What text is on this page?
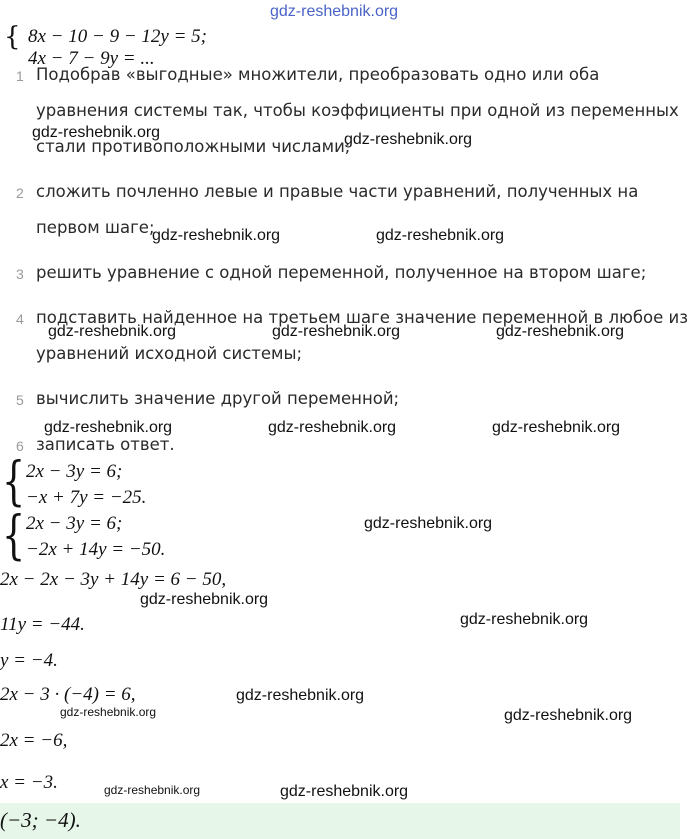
gdz-reshebnik.org
{ 8x − 10 − 9 − 12y = 5;
4x − 7 − 9y = ...
1 Подобрав «выгодные» множители, преобразовать одно или оба
уравнения системы так, чтобы коэффициенты при одной из переменных
стали противоположными числами;
2 сложить почленно левые и правые части уравнений, полученных на
первом шаге;
3 решить уравнение с одной переменной, полученное на втором шаге;
4 подставить найденное на третьем шаге значение переменной в любое из
уравнений исходной системы;
5 вычислить значение другой переменной;
6 записать ответ.
{ 2x − 3y = 6;
−x + 7y = −25.
{ 2x − 3y = 6;
−2x + 14y = −50.
2x − 2x − 3y + 14y = 6 − 50,
11y = −44.
y = −4.
2x − 3 · (−4) = 6,
2x = −6,
x = −3.
(−3; −4).
gdz-reshebnik.org	gdz-reshebnik.org
gdz-reshebnik.org	gdz-reshebnik.org
gdz-reshebnik.org	gdz-reshebnik.org	gdz-reshebnik.org
gdz-reshebnik.org	gdz-reshebnik.org	gdz-reshebnik.org
gdz-reshebnik.org
gdz-reshebnik.org
gdz-reshebnik.org
gdz-reshebnik.org
gdz-reshebnik.org	gdz-reshebnik.org
gdz-reshebnik.org	gdz-reshebnik.org
